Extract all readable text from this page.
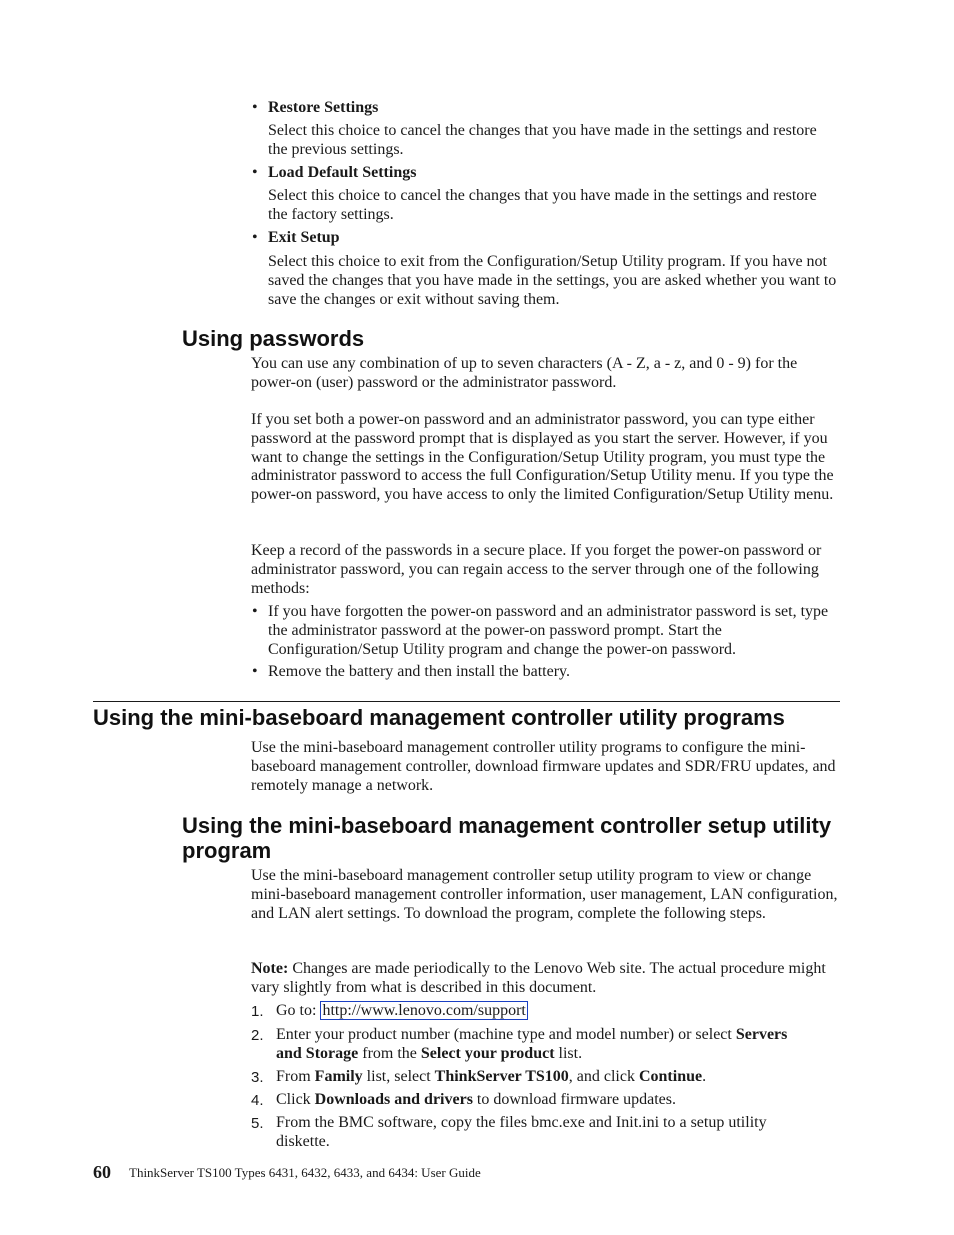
• Restore Settings
Select this choice to cancel the changes that you have made in the settings and restore the previous settings.
• Load Default Settings
Select this choice to cancel the changes that you have made in the settings and restore the factory settings.
• Exit Setup
Select this choice to exit from the Configuration/Setup Utility program. If you have not saved the changes that you have made in the settings, you are asked whether you want to save the changes or exit without saving them.
Using passwords
You can use any combination of up to seven characters (A - Z, a - z, and 0 - 9) for the power-on (user) password or the administrator password.
If you set both a power-on password and an administrator password, you can type either password at the password prompt that is displayed as you start the server. However, if you want to change the settings in the Configuration/Setup Utility program, you must type the administrator password to access the full Configuration/Setup Utility menu. If you type the power-on password, you have access to only the limited Configuration/Setup Utility menu.
Keep a record of the passwords in a secure place. If you forget the power-on password or administrator password, you can regain access to the server through one of the following methods:
• If you have forgotten the power-on password and an administrator password is set, type the administrator password at the power-on password prompt. Start the Configuration/Setup Utility program and change the power-on password.
• Remove the battery and then install the battery.
Using the mini-baseboard management controller utility programs
Use the mini-baseboard management controller utility programs to configure the mini-baseboard management controller, download firmware updates and SDR/FRU updates, and remotely manage a network.
Using the mini-baseboard management controller setup utility program
Use the mini-baseboard management controller setup utility program to view or change mini-baseboard management controller information, user management, LAN configuration, and LAN alert settings. To download the program, complete the following steps.
Note: Changes are made periodically to the Lenovo Web site. The actual procedure might vary slightly from what is described in this document.
1. Go to: http://www.lenovo.com/support
2. Enter your product number (machine type and model number) or select Servers and Storage from the Select your product list.
3. From Family list, select ThinkServer TS100, and click Continue.
4. Click Downloads and drivers to download firmware updates.
5. From the BMC software, copy the files bmc.exe and Init.ini to a setup utility diskette.
60 ThinkServer TS100 Types 6431, 6432, 6433, and 6434: User Guide
